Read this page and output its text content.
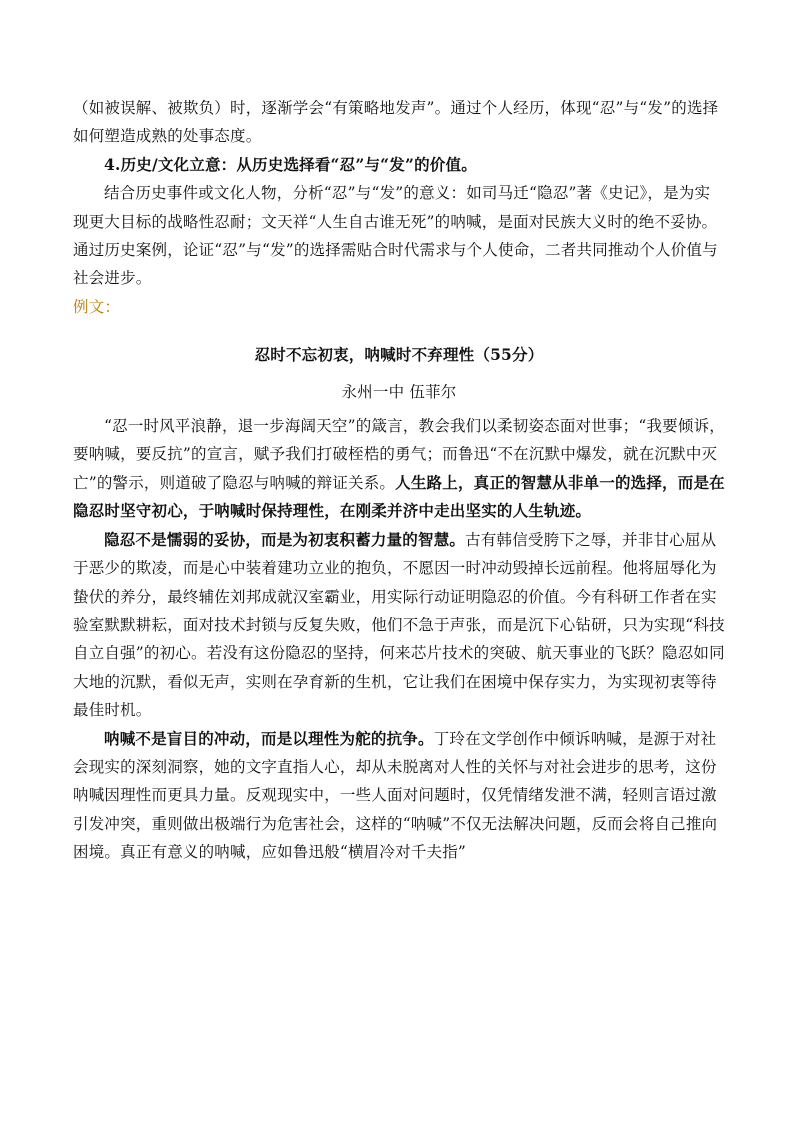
（如被误解、被欺负）时，逐渐学会“有策略地发声”。通过个人经历，体现“忍”与“发”的选择如何塑造成熟的处事态度。

4.历史/文化立意：从历史选择看“忍”与“发”的价值。

结合历史事件或文化人物，分析“忍”与“发”的意义：如司马迁“隐忍”著《史记》，是为实现更大目标的战略性忍耐；文天祥“人生自古谁无死”的呐喊，是面对民族大义时的绝不妥协。通过历史案例，论证“忍”与“发”的选择需贴合时代需求与个人使命，二者共同推动个人价值与社会进步。

例文：

忍时不忘初衷，呐喊时不弃理性（55分）

永州一中 伍菲尔

“忍一时风平浪静，退一步海阔天空”的箴言，教会我们以柔韧姿态面对世事；“我要倾诉，要呐喊，要反抗”的宣言，赋予我们打破桎梏的勇气；而鲁迅“不在沉默中爆发，就在沉默中灭亡”的警示，则道破了隐忍与呐喊的辩证关系。人生路上，真正的智慧从非单一的选择，而是在隐忍时坚守初心，于呐喊时保持理性，在刚柔并济中走出坚实的人生轨迹。

隐忍不是懦弱的妥协，而是为初衷积蓄力量的智慧。古有韩信受胯下之辱，并非甘心屈从于恶少的欺凌，而是心中装着建功立业的抱负，不愿因一时冲动毁掉长远前程。他将屈辱化为蛰伏的养分，最终辅佐刘邦成就汉室霸业，用实际行动证明隐忍的价值。今有科研工作者在实验室默默耕耘，面对技术封锁与反复失败，他们不急于声张，而是沉下心钻研，只为实现“科技自立自强”的初心。若没有这份隐忍的坚持，何来芯片技术的突破、航天事业的飞跃？隐忍如同大地的沉默，看似无声，实则在孕育新的生机，它让我们在困境中保存实力，为实现初衷等待最佳时机。

呐喊不是盲目的冲动，而是以理性为舵的抗争。丁玲在文学创作中倾诉呐喊，是源于对社会现实的深刻洞察，她的文字直指人心，却从未脱离对人性的关怀与对社会进步的思考，这份呐喊因理性而更具力量。反观现实中，一些人面对问题时，仅凭情绪发泄不满，轻则言语过激引发冲突，重则做出极端行为危害社会，这样的“呐喊”不仅无法解决问题，反而会将自己推向困境。真正有意义的呐喊，应如鲁迅般“横眉冷对千夫指”
